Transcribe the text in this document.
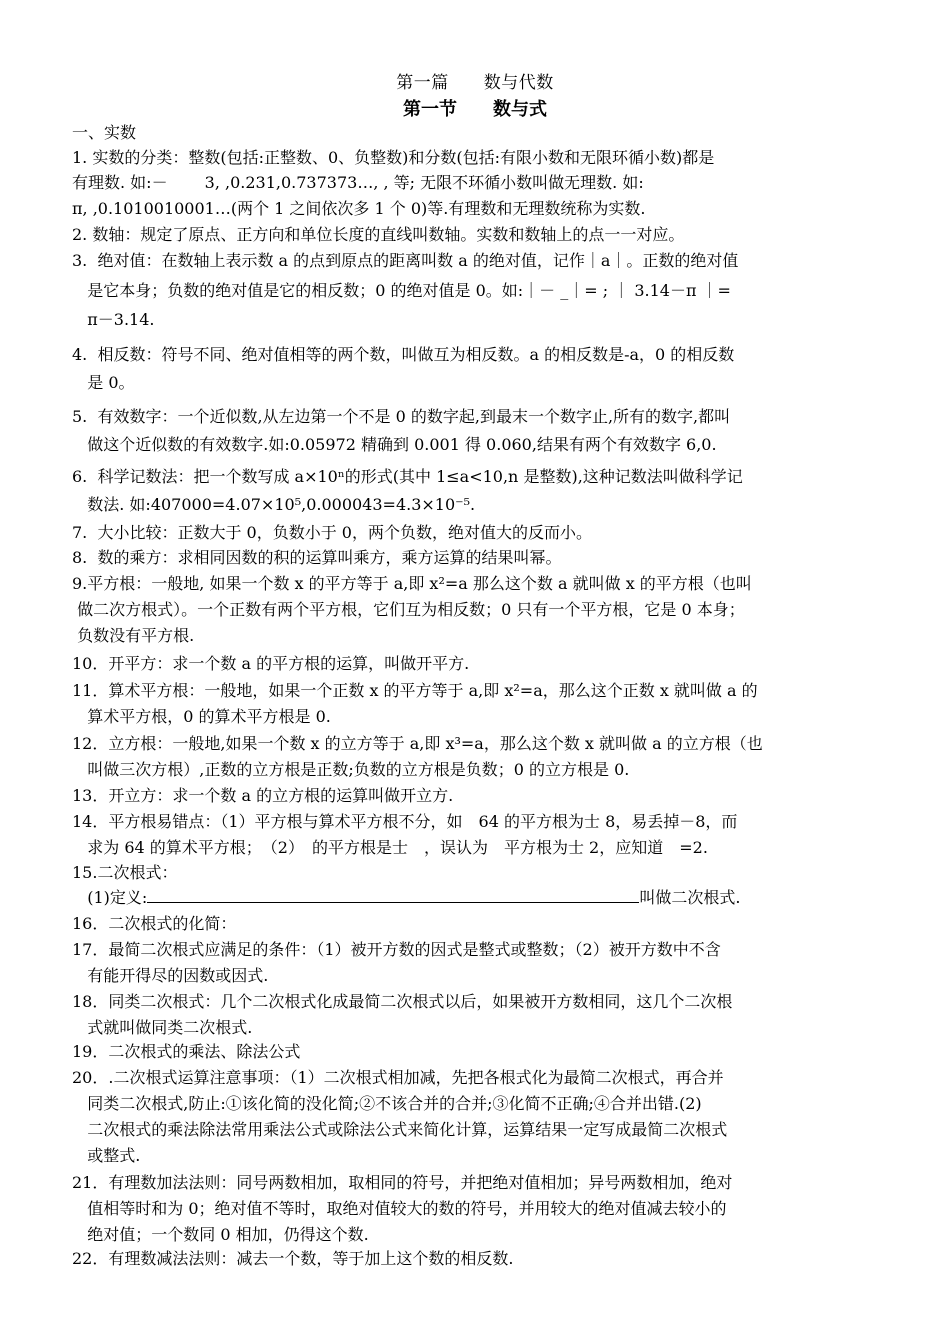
第一篇　　数与代数
第一节　　数与式
一、实数
1. 实数的分类：整数(包括:正整数、0、负整数)和分数(包括:有限小数和无限环循小数)都是
有理数. 如:－　　 3, ,0.231,0.737373…, , 等; 无限不环循小数叫做无理数. 如:
π, ,0.1010010001…(两个 1 之间依次多 1 个 0)等.有理数和无理数统称为实数.
2. 数轴：规定了原点、正方向和单位长度的直线叫数轴。实数和数轴上的点一一对应。
3.  绝对值：在数轴上表示数 a 的点到原点的距离叫数 a 的绝对值，记作｜a｜。正数的绝对值
是它本身；负数的绝对值是它的相反数；0 的绝对值是 0。如:｜－ _｜= ; ｜ 3.14－π ｜=
π－3.14.
4.  相反数：符号不同、绝对值相等的两个数，叫做互为相反数。a 的相反数是-a，0 的相反数
是 0。
5.  有效数字：一个近似数,从左边第一个不是 0 的数字起,到最末一个数字止,所有的数字,都叫
做这个近似数的有效数字.如:0.05972 精确到 0.001 得 0.060,结果有两个有效数字 6,0.
6.  科学记数法：把一个数写成 a×10ⁿ的形式(其中 1≤a<10,n 是整数),这种记数法叫做科学记
数法. 如:407000=4.07×10⁵,0.000043=4.3×10⁻⁵.
7.  大小比较：正数大于 0，负数小于 0，两个负数，绝对值大的反而小。
8.  数的乘方：求相同因数的积的运算叫乘方，乘方运算的结果叫幂。
9.平方根：一般地, 如果一个数 x 的平方等于 a,即 x²=a 那么这个数 a 就叫做 x 的平方根（也叫
做二次方根式）。一个正数有两个平方根，它们互为相反数；0 只有一个平方根，它是 0 本身；
负数没有平方根.
10．开平方：求一个数 a 的平方根的运算，叫做开平方.
11．算术平方根：一般地，如果一个正数 x 的平方等于 a,即 x²=a，那么这个正数 x 就叫做 a 的
算术平方根，0 的算术平方根是 0.
12．立方根：一般地,如果一个数 x 的立方等于 a,即 x³=a，那么这个数 x 就叫做 a 的立方根（也
叫做三次方根）,正数的立方根是正数;负数的立方根是负数；0 的立方根是 0.
13．开立方：求一个数 a 的立方根的运算叫做开立方.
14．平方根易错点：（1）平方根与算术平方根不分，如　64 的平方根为士 8，易丢掉－8，而
求为 64 的算术平方根；　（2）　的平方根是士　，误认为　平方根为士 2，应知道　=2.
15.二次根式：
(1)定义:	叫做二次根式.
16．二次根式的化简：
17．最简二次根式应满足的条件：（1）被开方数的因式是整式或整数；（2）被开方数中不含
有能开得尽的因数或因式.
18．同类二次根式：几个二次根式化成最简二次根式以后，如果被开方数相同，这几个二次根
式就叫做同类二次根式.
19．二次根式的乘法、除法公式
20．.二次根式运算注意事项：（1）二次根式相加减，先把各根式化为最简二次根式，再合并
同类二次根式,防止:①该化简的没化简;②不该合并的合并;③化简不正确;④合并出错.(2)
二次根式的乘法除法常用乘法公式或除法公式来简化计算，运算结果一定写成最简二次根式
或整式.
21．有理数加法法则：同号两数相加，取相同的符号，并把绝对值相加；异号两数相加，绝对
值相等时和为 0；绝对值不等时，取绝对值较大的数的符号，并用较大的绝对值减去较小的
绝对值；一个数同 0 相加，仍得这个数.
22．有理数减法法则：减去一个数，等于加上这个数的相反数.
